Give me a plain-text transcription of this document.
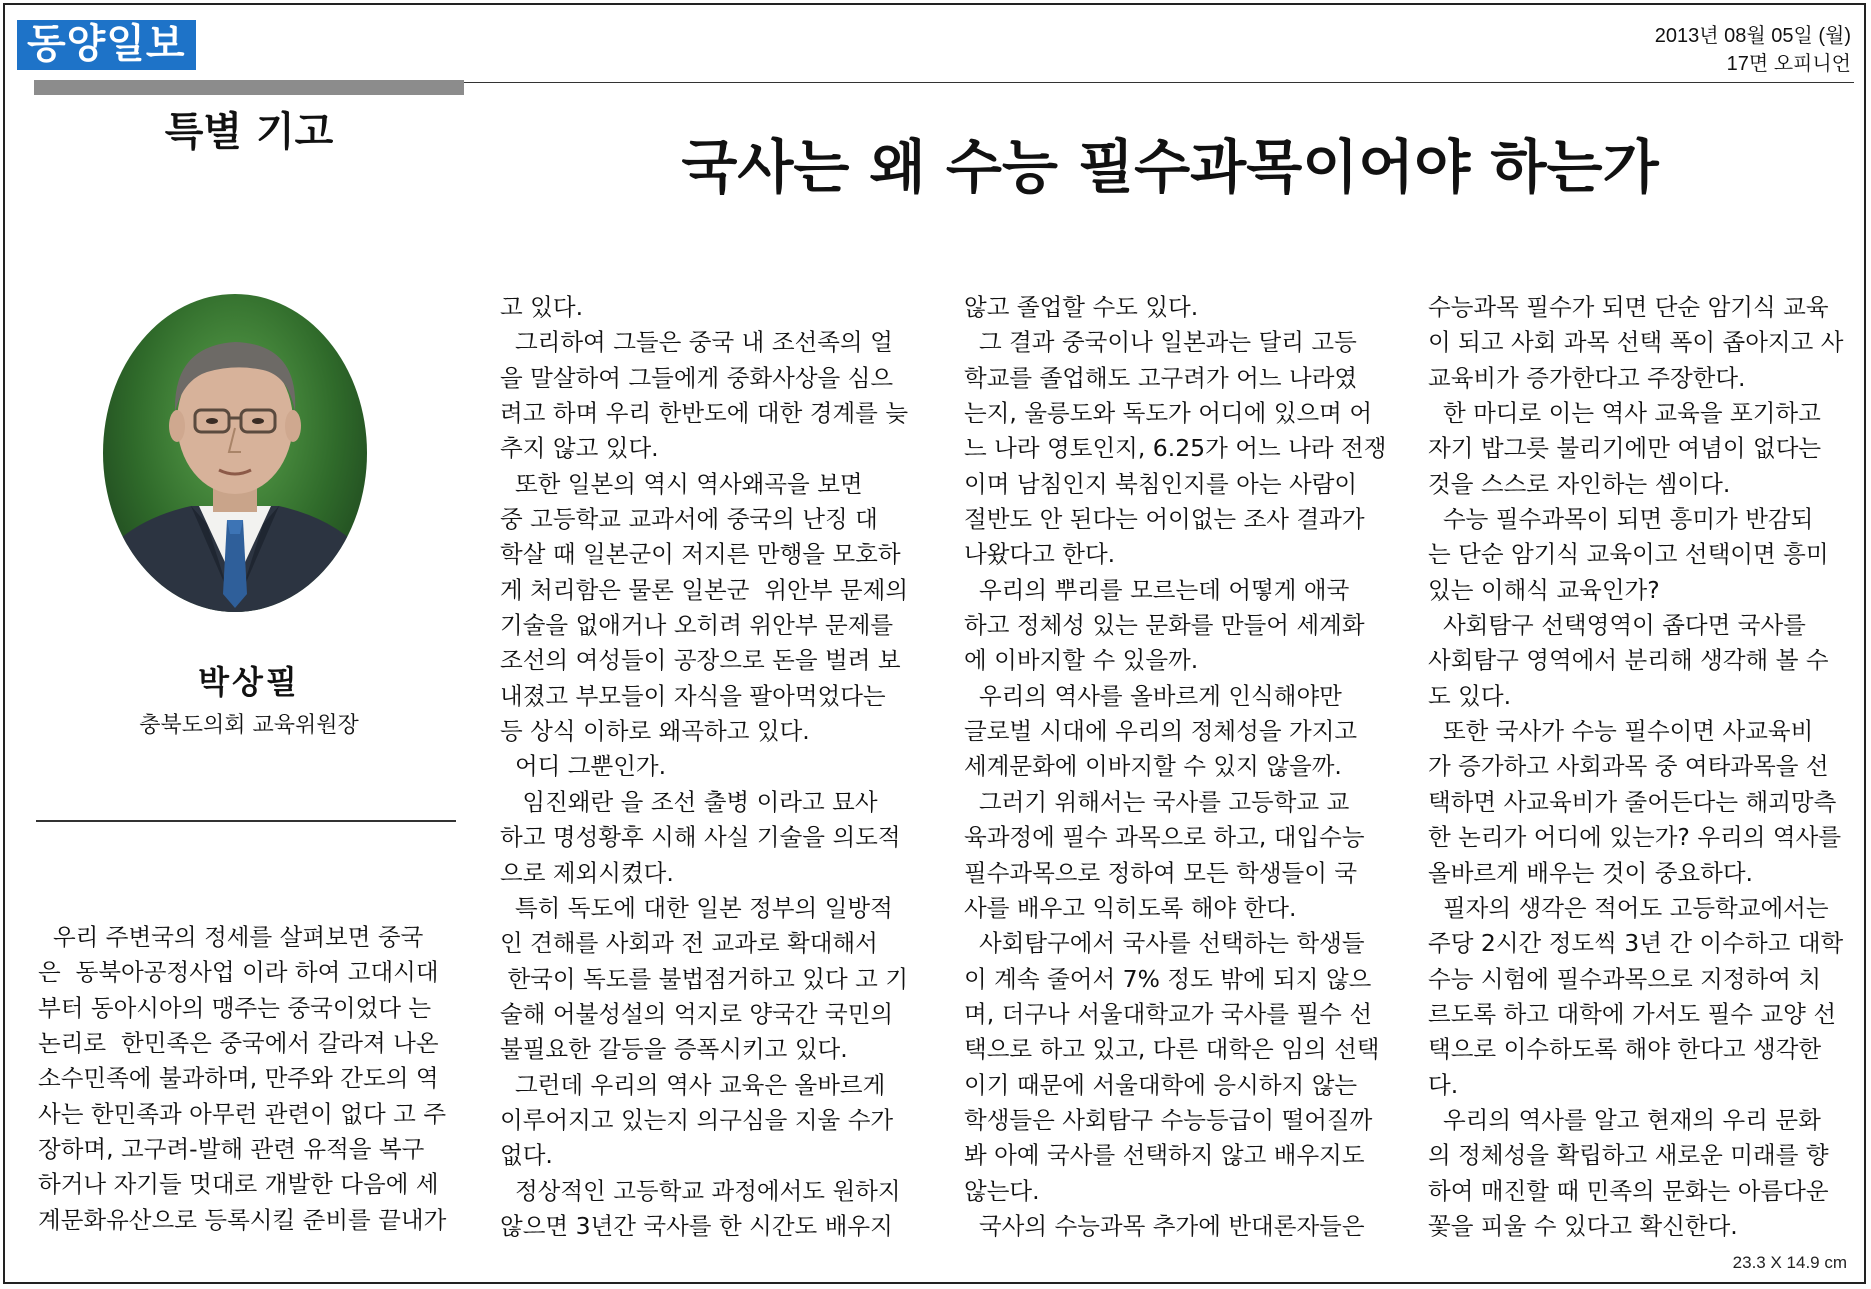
동양일보	2013년 08월 05일 (월)
17면 오피니언
특별 기고
국사는 왜 수능 필수과목이어야 하는가
박상필
충북도의회 교육위원장

우리 주변국의 정세를 살펴보면 중국

은  동북아공정사업 이라 하여 고대시대

부터 동아시아의 맹주는 중국이었다 는

논리로  한민족은 중국에서 갈라져 나온

소수민족에 불과하며, 만주와 간도의 역

사는 한민족과 아무런 관련이 없다 고 주

장하며, 고구려-발해 관련 유적을 복구

하거나 자기들 멋대로 개발한 다음에 세

계문화유산으로 등록시킬 준비를 끝내가

고 있다.

그리하여 그들은 중국 내 조선족의 얼

을 말살하여 그들에게 중화사상을 심으

려고 하며 우리 한반도에 대한 경계를 늦

추지 않고 있다.

또한 일본의 역시 역사왜곡을 보면

중 고등학교 교과서에 중국의 난징 대

학살 때 일본군이 저지른 만행을 모호하

게 처리함은 물론 일본군  위안부 문제의

기술을 없애거나 오히려 위안부 문제를

조선의 여성들이 공장으로 돈을 벌려 보

내졌고 부모들이 자식을 팔아먹었다는

등 상식 이하로 왜곡하고 있다.

어디 그뿐인가.

임진왜란 을 조선 출병 이라고 묘사

하고 명성황후 시해 사실 기술을 의도적

으로 제외시켰다.

특히 독도에 대한 일본 정부의 일방적

인 견해를 사회과 전 교과로 확대해서

한국이 독도를 불법점거하고 있다 고 기

술해 어불성설의 억지로 양국간 국민의

불필요한 갈등을 증폭시키고 있다.

그런데 우리의 역사 교육은 올바르게

이루어지고 있는지 의구심을 지울 수가

없다.

정상적인 고등학교 과정에서도 원하지

않으면 3년간 국사를 한 시간도 배우지

않고 졸업할 수도 있다.

그 결과 중국이나 일본과는 달리 고등

학교를 졸업해도 고구려가 어느 나라였

는지, 울릉도와 독도가 어디에 있으며 어

느 나라 영토인지, 6.25가 어느 나라 전쟁

이며 남침인지 북침인지를 아는 사람이

절반도 안 된다는 어이없는 조사 결과가

나왔다고 한다.

우리의 뿌리를 모르는데 어떻게 애국

하고 정체성 있는 문화를 만들어 세계화

에 이바지할 수 있을까.

우리의 역사를 올바르게 인식해야만

글로벌 시대에 우리의 정체성을 가지고

세계문화에 이바지할 수 있지 않을까.

그러기 위해서는 국사를 고등학교 교

육과정에 필수 과목으로 하고, 대입수능

필수과목으로 정하여 모든 학생들이 국

사를 배우고 익히도록 해야 한다.

사회탐구에서 국사를 선택하는 학생들

이 계속 줄어서 7% 정도 밖에 되지 않으

며, 더구나 서울대학교가 국사를 필수 선

택으로 하고 있고, 다른 대학은 임의 선택

이기 때문에 서울대학에 응시하지 않는

학생들은 사회탐구 수능등급이 떨어질까

봐 아예 국사를 선택하지 않고 배우지도

않는다.

국사의 수능과목 추가에 반대론자들은

수능과목 필수가 되면 단순 암기식 교육

이 되고 사회 과목 선택 폭이 좁아지고 사

교육비가 증가한다고 주장한다.

한 마디로 이는 역사 교육을 포기하고

자기 밥그릇 불리기에만 여념이 없다는

것을 스스로 자인하는 셈이다.

수능 필수과목이 되면 흥미가 반감되

는 단순 암기식 교육이고 선택이면 흥미

있는 이해식 교육인가?

사회탐구 선택영역이 좁다면 국사를

사회탐구 영역에서 분리해 생각해 볼 수

도 있다.

또한 국사가 수능 필수이면 사교육비

가 증가하고 사회과목 중 여타과목을 선

택하면 사교육비가 줄어든다는 해괴망측

한 논리가 어디에 있는가? 우리의 역사를

올바르게 배우는 것이 중요하다.

필자의 생각은 적어도 고등학교에서는

주당 2시간 정도씩 3년 간 이수하고 대학

수능 시험에 필수과목으로 지정하여 치

르도록 하고 대학에 가서도 필수 교양 선

택으로 이수하도록 해야 한다고 생각한

다.

우리의 역사를 알고 현재의 우리 문화

의 정체성을 확립하고 새로운 미래를 향

하여 매진할 때 민족의 문화는 아름다운

꽃을 피울 수 있다고 확신한다.

23.3 X 14.9 cm
